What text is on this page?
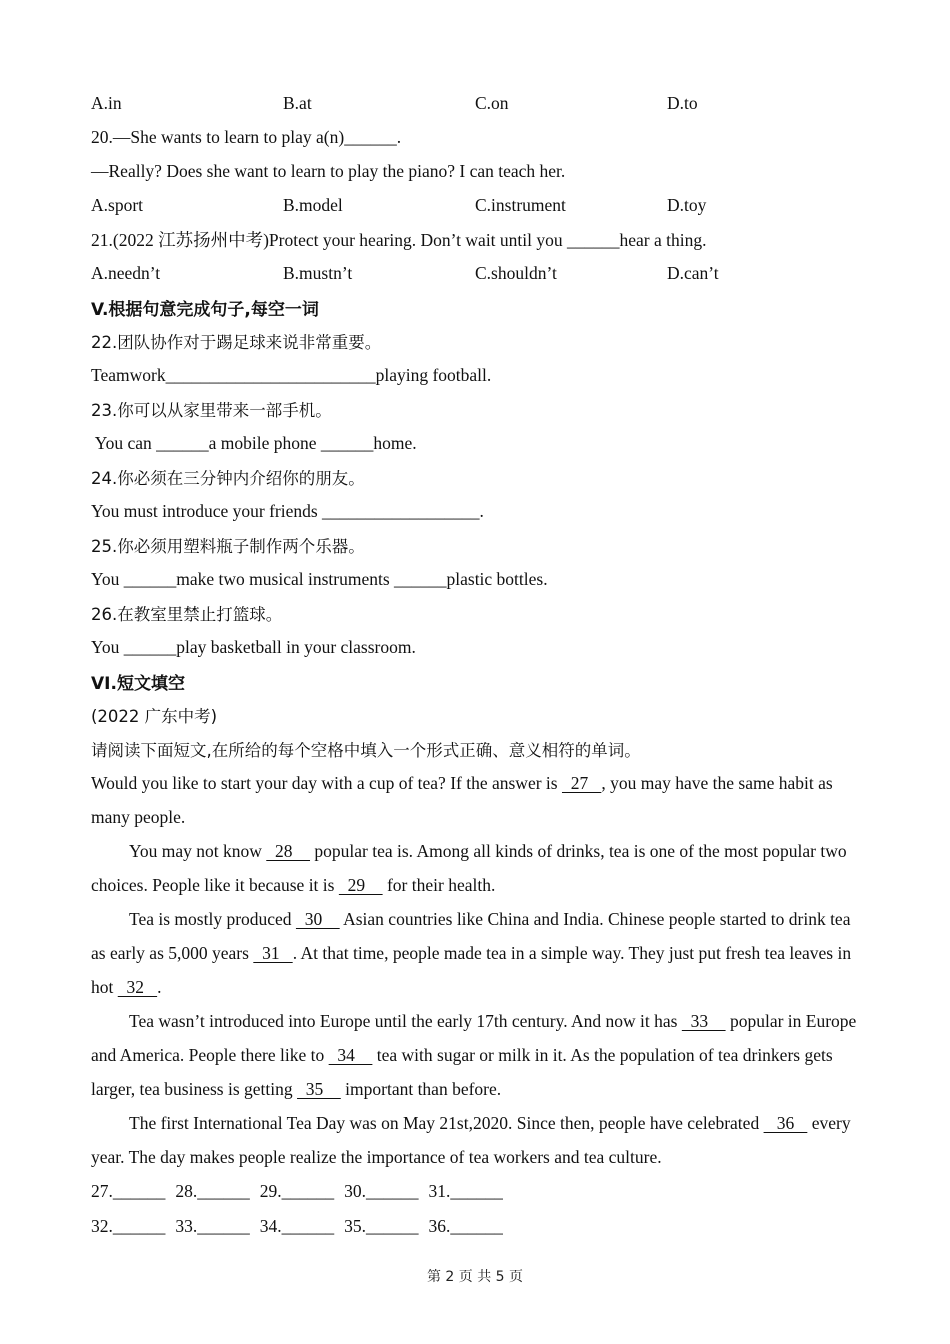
A.in	B.at	C.on	D.to
20.—She wants to learn to play a(n)______.
—Really? Does she want to learn to play the piano? I can teach her.
A.sport	B.model	C.instrument	D.toy
21.(2022 江苏扬州中考)Protect your hearing. Don’t wait until you ______hear a thing.
A.needn’t	B.mustn’t	C.shouldn’t	D.can’t
V.根据句意完成句子,每空一词
22.团队协作对于踢足球来说非常重要。
Teamwork________________________playing football.
23.你可以从家里带来一部手机。
You can ______a mobile phone ______home.
24.你必须在三分钟内介绍你的朋友。
You must introduce your friends __________________.
25.你必须用塑料瓶子制作两个乐器。
You ______make two musical instruments ______plastic bottles.
26.在教室里禁止打篮球。
You ______play basketball in your classroom.
VI.短文填空
(2022 广东中考)
请阅读下面短文,在所给的每个空格中填入一个形式正确、意义相符的单词。

Would you like to start your day with a cup of tea? If the answer is   27   , you may have the same habit as many people.

You may not know   28     popular tea is. Among all kinds of drinks, tea is one of the most popular two choices. People like it because it is   29     for their health.

Tea is mostly produced   30     Asian countries like China and India. Chinese people started to drink tea as early as 5,000 years   31   . At that time, people made tea in a simple way. They just put fresh tea leaves in hot   32   .

Tea wasn’t introduced into Europe until the early 17th century. And now it has   33     popular in Europe and America. People there like to   34     tea with sugar or milk in it. As the population of tea drinkers gets larger, tea business is getting   35     important than before.

The first International Tea Day was on May 21st,2020. Since then, people have celebrated    36    every year. The day makes people realize the importance of tea workers and tea culture.

27.______ 28.______ 29.______ 30.______ 31.______
32.______ 33.______ 34.______ 35.______ 36.______
第 2 页 共 5 页
